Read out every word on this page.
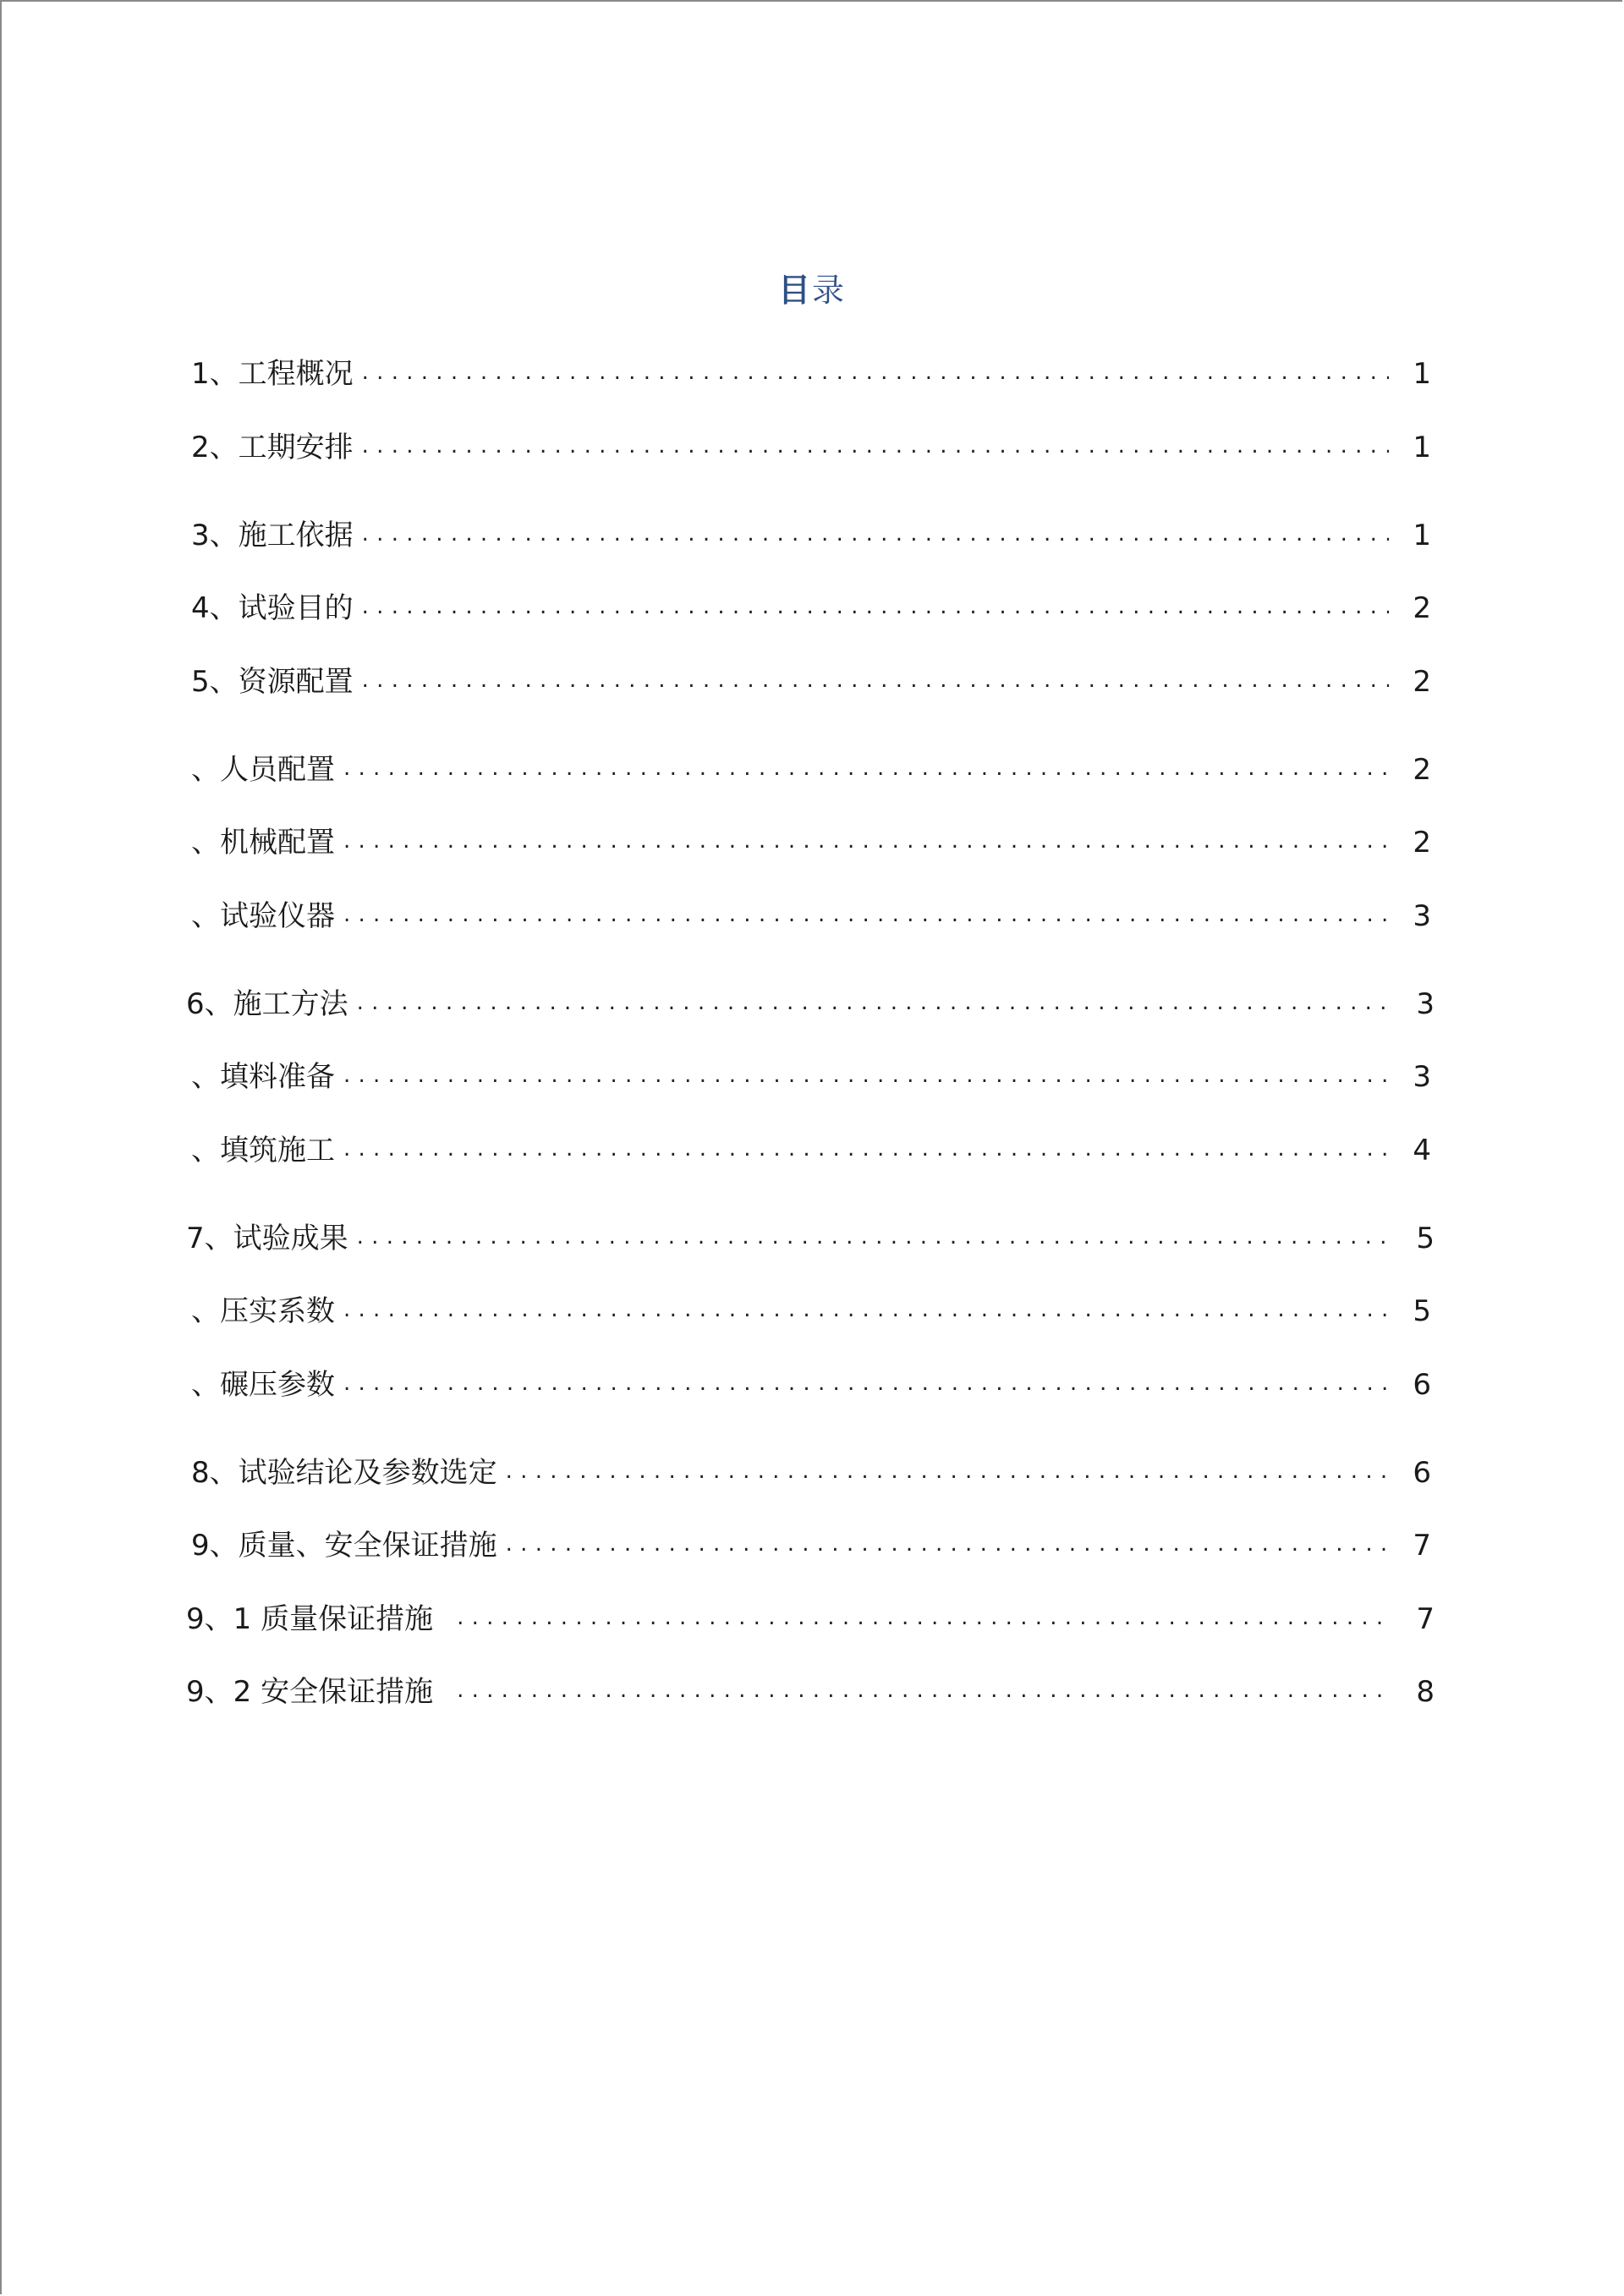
目录
1、工程概况 . . .	1
2、工期安排 . . .	1
3、施工依据 . . .	1
4、试验目的 . . .	2
5、资源配置 . . .	2
、人员配置 . . .	2
、机械配置 . . .	2
、试验仪器 . . .	3
6、施工方法 . . .	3
、填料准备 . . .	3
、填筑施工 . . .	4
7、试验成果 . . .	5
、压实系数 . . .	5
、碾压参数 . . .	6
8、试验结论及参数选定 . . .	6
9、质量、安全保证措施 . . .	7
9、1 质量保证措施 . . .	7
9、2 安全保证措施 . . .	8
